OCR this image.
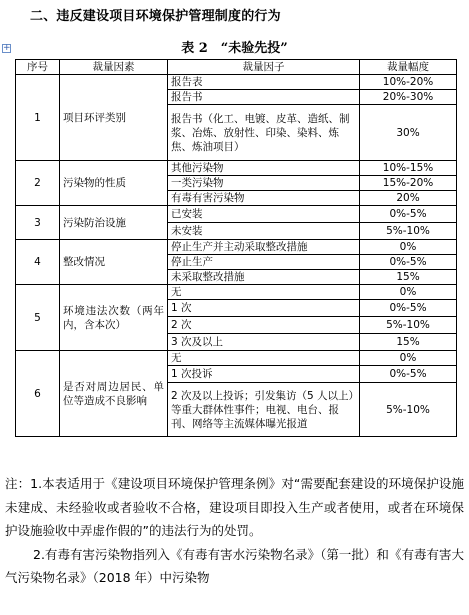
二、违反建设项目环境保护管理制度的行为
+	表 2　“未验先投”
序号	裁量因素	裁量因子	裁量幅度
1	项目环评类别	报告表	10%-20%
		报告书	20%-30%
		报告书（化工、电镀、皮革、造纸、制浆、冶炼、放射性、印染、染料、炼焦、炼油项目）	30%
2	污染物的性质	其他污染物	10%-15%
		一类污染物	15%-20%
		有毒有害污染物	20%
3	污染防治设施	已安装	0%-5%
		未安装	5%-10%
4	整改情况	停止生产并主动采取整改措施	0%
		停止生产	0%-5%
		未采取整改措施	15%
5	环境违法次数（两年内，含本次）	无	0%
		1 次	0%-5%
		2 次	5%-10%
		3 次及以上	15%
6	是否对周边居民、单位等造成不良影响	无	0%
		1 次投诉	0%-5%
		2 次及以上投诉；引发集访（5 人以上）等重大群体性事件；电视、电台、报刊、网络等主流媒体曝光报道	5%-10%

注：1.本表适用于《建设项目环境保护管理条例》对“需要配套建设的环境保护设施未建成、未经验收或者验收不合格，建设项目即投入生产或者使用，或者在环境保护设施验收中弄虚作假的”的违法行为的处罚。

2.有毒有害污染物指列入《有毒有害水污染物名录》（第一批）和《有毒有害大气污染物名录》（2018 年）中污染物
